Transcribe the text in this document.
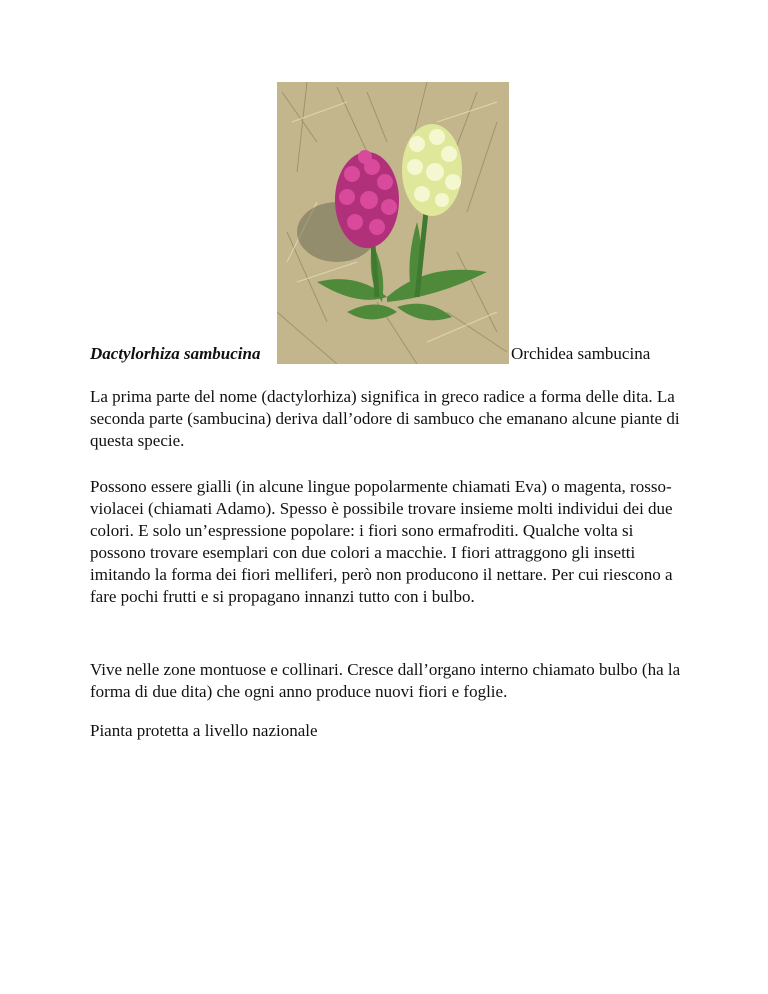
Dactylorhiza sambucina	Orchidea sambucina

La prima parte del nome (dactylorhiza) significa in greco radice a forma delle dita. La seconda parte (sambucina) deriva dall’odore di sambuco che emanano alcune piante di questa specie.

Possono essere gialli (in alcune lingue popolarmente chiamati Eva) o magenta, rosso-violacei (chiamati Adamo). Spesso è possibile trovare insieme molti individui dei due colori. E solo un’espressione popolare: i fiori sono ermafroditi. Qualche volta si possono trovare esemplari con due colori a macchie. I fiori attraggono gli insetti imitando la forma dei fiori melliferi, però non producono il nettare. Per cui riescono a fare pochi frutti e si propagano innanzi tutto con i bulbo.

Vive nelle zone montuose e collinari. Cresce dall’organo interno chiamato bulbo (ha la forma di due dita) che ogni anno produce nuovi fiori e foglie.

Pianta protetta a livello nazionale
